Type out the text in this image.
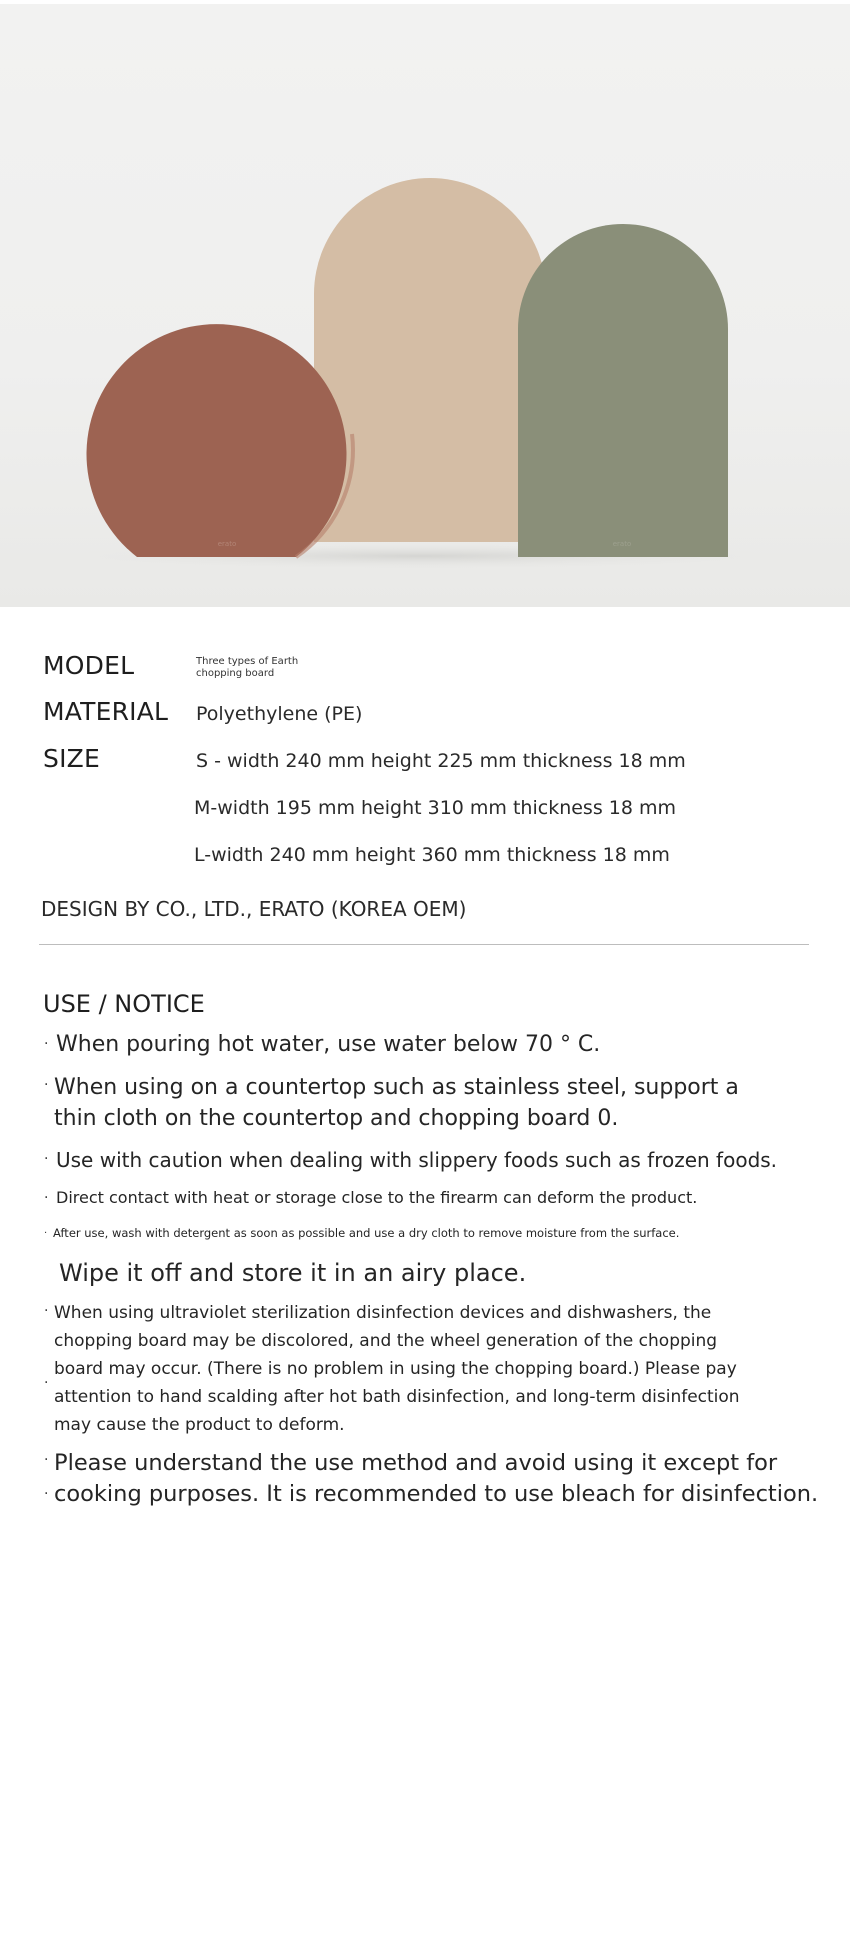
erato	erato
MODEL	Three types of Earth
chopping board
MATERIAL Polyethylene (PE)
SIZE	S - width 240 mm height 225 mm thickness 18 mm
M-width 195 mm height 310 mm thickness 18 mm
L-width 240 mm height 360 mm thickness 18 mm
DESIGN BY CO., LTD., ERATO (KOREA OEM)
USE / NOTICE
· When pouring hot water, use water below 70 ° C.
· When using on a countertop such as stainless steel, support a
thin cloth on the countertop and chopping board 0.
· Use with caution when dealing with slippery foods such as frozen foods.
· Direct contact with heat or storage close to the firearm can deform the product.
· After use, wash with detergent as soon as possible and use a dry cloth to remove moisture from the surface.
Wipe it off and store it in an airy place.
·
·
When using ultraviolet sterilization disinfection devices and dishwashers, the
chopping board may be discolored, and the wheel generation of the chopping
board may occur. (There is no problem in using the chopping board.) Please pay
attention to hand scalding after hot bath disinfection, and long-term disinfection
may cause the product to deform.
·
·
Please understand the use method and avoid using it except for
cooking purposes. It is recommended to use bleach for disinfection.
